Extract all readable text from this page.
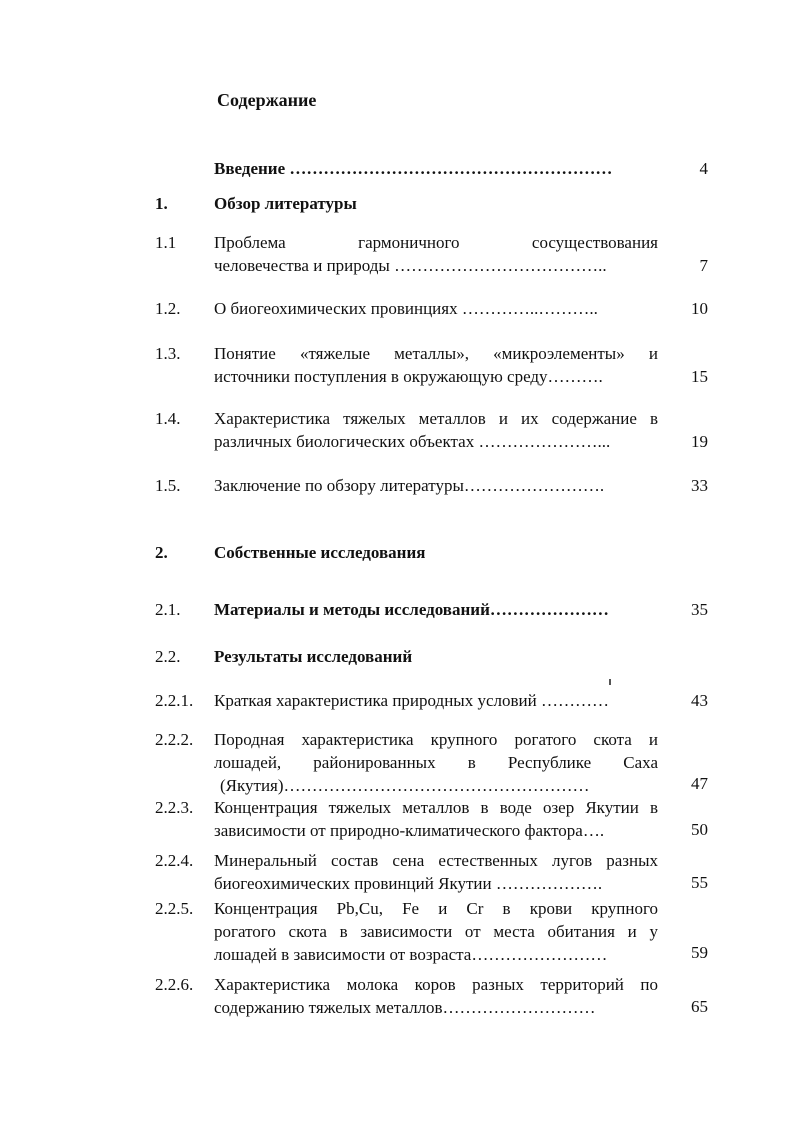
Содержание
Введение …………………………………………………	4
1.	Обзор литературы
1.1 Проблема гармоничного сосуществования
человечества и природы ………………………………..	7
1.2. О биогеохимических провинциях …………..………..	10
1.3. Понятие «тяжелые металлы», «микроэлементы» и
источники поступления в окружающую среду……….	15
1.4. Характеристика тяжелых металлов и их содержание в
различных биологических объектах …………………...	19
1.5. Заключение по обзору литературы…………………….	33
2.	Собственные исследования
2.1. Материалы и методы исследований…………………	35
2.2. Результаты исследований
2.2.1. Краткая характеристика природных условий …………	43
2.2.2. Породная характеристика крупного рогатого скота и
лошадей, районированных в Республике Саха
(Якутия)………………………………………………	47
2.2.3. Концентрация тяжелых металлов в воде озер Якутии в
зависимости от природно-климатического фактора….	50
2.2.4. Минеральный состав сена естественных лугов разных
биогеохимических провинций Якутии ……………….	55
2.2.5. Концентрация Pb,Cu, Fe и Cr в крови крупного
рогатого скота в зависимости от места обитания и у
лошадей в зависимости от возраста……………………	59
2.2.6. Характеристика молока коров разных территорий по
содержанию тяжелых металлов………………………	65
